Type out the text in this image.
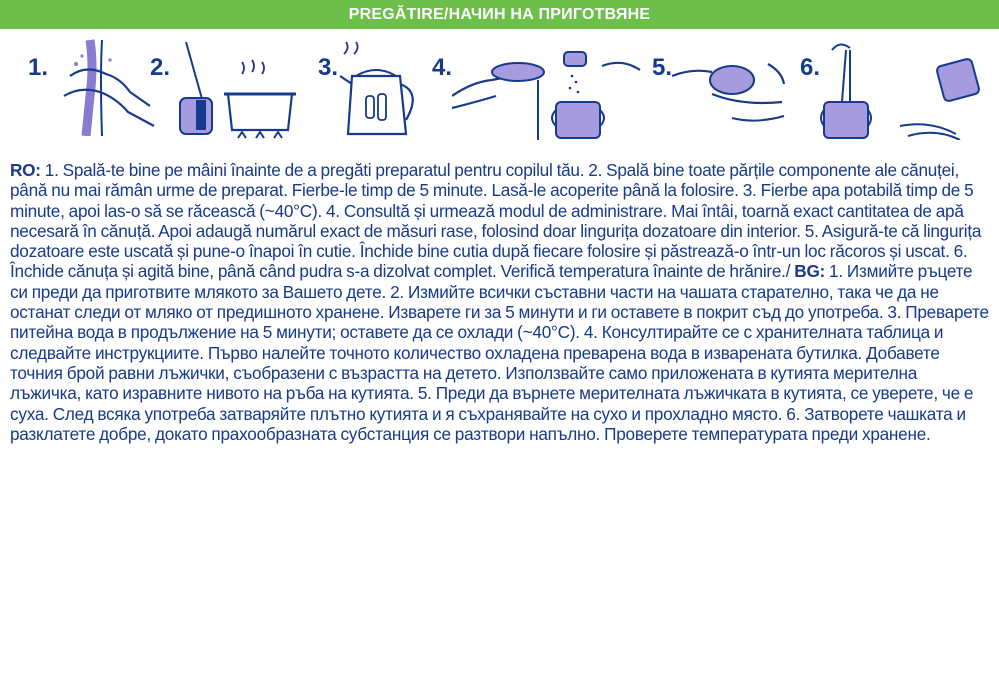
PREGĂTIRE/НАЧИН НА ПРИГОТВЯНЕ
1.	2.	3.	4.	5.	6.
RO: 1. Spală-te bine pe mâini înainte de a pregăti preparatul pentru copilul tău. 2. Spală bine toate părțile componente ale cănuței, până nu mai rămân urme de preparat. Fierbe-le timp de 5 minute. Lasă-le acoperite până la folosire. 3. Fierbe apa potabilă timp de 5 minute, apoi las-o să se răcească (~40°C). 4. Consultă și urmează modul de administrare. Mai întâi, toarnă exact cantitatea de apă necesară în cănuță. Apoi adaugă numărul exact de măsuri rase, folosind doar lingurița dozatoare din interior. 5. Asigură-te că lingurița dozatoare este uscată și pune-o înapoi în cutie. Închide bine cutia după fiecare folosire și păstrează-o într-un loc răcoros și uscat. 6. Închide cănuța și agită bine, până când pudra s-a dizolvat complet. Verifică temperatura înainte de hrănire./ BG: 1. Измийте ръцете си преди да приготвите млякото за Вашето дете. 2. Измийте всички съставни части на чашата старателно, така че да не останат следи от мляко от предишното хранене. Изварете ги за 5 минути и ги оставете в покрит съд до употреба. 3. Преварете питейна вода в продължение на 5 минути; оставете да се охлади (~40°C). 4. Консултирайте се с хранителната таблица и следвайте инструкциите. Първо налейте точното количество охладена преварена вода в изварената бутилка. Добавете точния брой равни лъжички, съобразени с възрастта на детето. Използвайте само приложената в кутията мерителна лъжичка, като изравните нивото на ръба на кутията. 5. Преди да върнете мерителната лъжичката в кутията, се уверете, че е суха. След всяка употреба затваряйте плътно кутията и я съхранявайте на сухо и прохладно място. 6. Затворете чашката и разклатете добре, докато прахообразната субстанция се разтвори напълно. Проверете температурата преди хранене.
